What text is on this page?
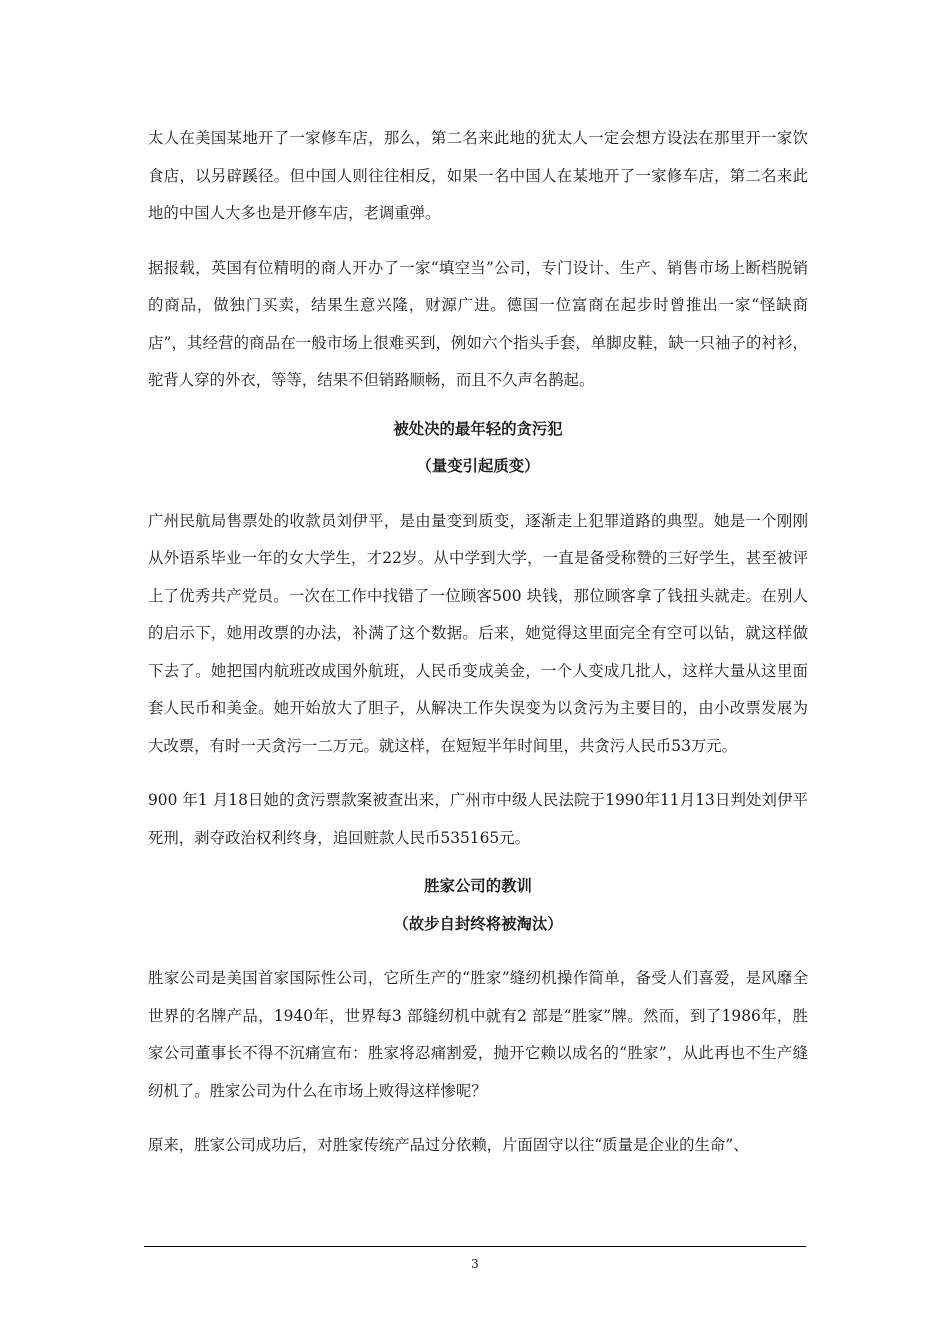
太人在美国某地开了一家修车店，那么，第二名来此地的犹太人一定会想方设法在那里开一家饮食店，以另辟蹊径。但中国人则往往相反，如果一名中国人在某地开了一家修车店，第二名来此地的中国人大多也是开修车店，老调重弹。

据报载，英国有位精明的商人开办了一家“填空当”公司，专门设计、生产、销售市场上断档脱销的商品，做独门买卖，结果生意兴隆，财源广进。德国一位富商在起步时曾推出一家“怪缺商店”，其经营的商品在一般市场上很难买到，例如六个指头手套，单脚皮鞋，缺一只袖子的衬衫，驼背人穿的外衣，等等，结果不但销路顺畅，而且不久声名鹊起。

被处决的最年轻的贪污犯

（量变引起质变）

广州民航局售票处的收款员刘伊平，是由量变到质变，逐渐走上犯罪道路的典型。她是一个刚刚从外语系毕业一年的女大学生，才22岁。从中学到大学，一直是备受称赞的三好学生，甚至被评上了优秀共产党员。一次在工作中找错了一位顾客500 块钱，那位顾客拿了钱扭头就走。在别人的启示下，她用改票的办法，补满了这个数据。后来，她觉得这里面完全有空可以钻，就这样做下去了。她把国内航班改成国外航班，人民币变成美金，一个人变成几批人，这样大量从这里面套人民币和美金。她开始放大了胆子，从解决工作失误变为以贪污为主要目的，由小改票发展为大改票，有时一天贪污一二万元。就这样，在短短半年时间里，共贪污人民币53万元。

900 年1 月18日她的贪污票款案被查出来，广州市中级人民法院于1990年11月13日判处刘伊平死刑，剥夺政治权利终身，追回赃款人民币535165元。

胜家公司的教训

（故步自封终将被淘汰）

胜家公司是美国首家国际性公司，它所生产的“胜家”缝纫机操作简单，备受人们喜爱，是风靡全世界的名牌产品，1940年，世界每3 部缝纫机中就有2 部是“胜家”牌。然而，到了1986年，胜家公司董事长不得不沉痛宣布：胜家将忍痛割爱，抛开它赖以成名的“胜家”，从此再也不生产缝纫机了。胜家公司为什么在市场上败得这样惨呢？

原来，胜家公司成功后，对胜家传统产品过分依赖，片面固守以往“质量是企业的生命”、

3
